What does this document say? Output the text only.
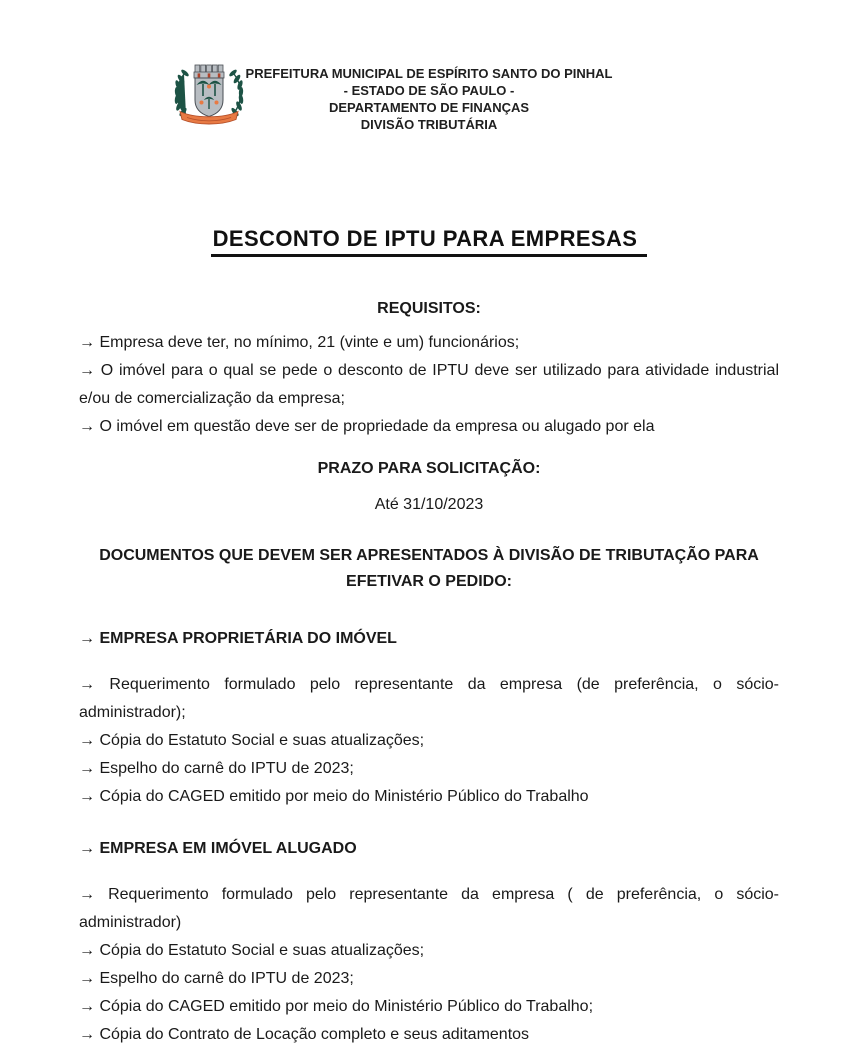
PREFEITURA MUNICIPAL DE ESPÍRITO SANTO DO PINHAL
- ESTADO DE SÃO PAULO -
DEPARTAMENTO DE FINANÇAS
DIVISÃO TRIBUTÁRIA
DESCONTO DE IPTU PARA EMPRESAS
REQUISITOS:

→ Empresa deve ter, no mínimo, 21 (vinte e um) funcionários;

→ O imóvel para o qual se pede o desconto de IPTU deve ser utilizado para atividade industrial e/ou de comercialização da empresa;

→ O imóvel em questão deve ser de propriedade da empresa ou alugado por ela

PRAZO PARA SOLICITAÇÃO:
Até 31/10/2023
DOCUMENTOS QUE DEVEM SER APRESENTADOS À DIVISÃO DE TRIBUTAÇÃO PARA EFETIVAR O PEDIDO:
→ EMPRESA PROPRIETÁRIA DO IMÓVEL

→ Requerimento formulado pelo representante da empresa (de preferência, o sócio-administrador);

→ Cópia do Estatuto Social e suas atualizações;

→ Espelho do carnê do IPTU de 2023;

→ Cópia do CAGED emitido por meio do Ministério Público do Trabalho

→ EMPRESA EM IMÓVEL ALUGADO

→ Requerimento formulado pelo representante da empresa ( de preferência, o sócio-administrador)

→ Cópia do Estatuto Social e suas atualizações;

→ Espelho do carnê do IPTU de 2023;

→ Cópia do CAGED emitido por meio do Ministério Público do Trabalho;

→ Cópia do Contrato de Locação completo e seus aditamentos
